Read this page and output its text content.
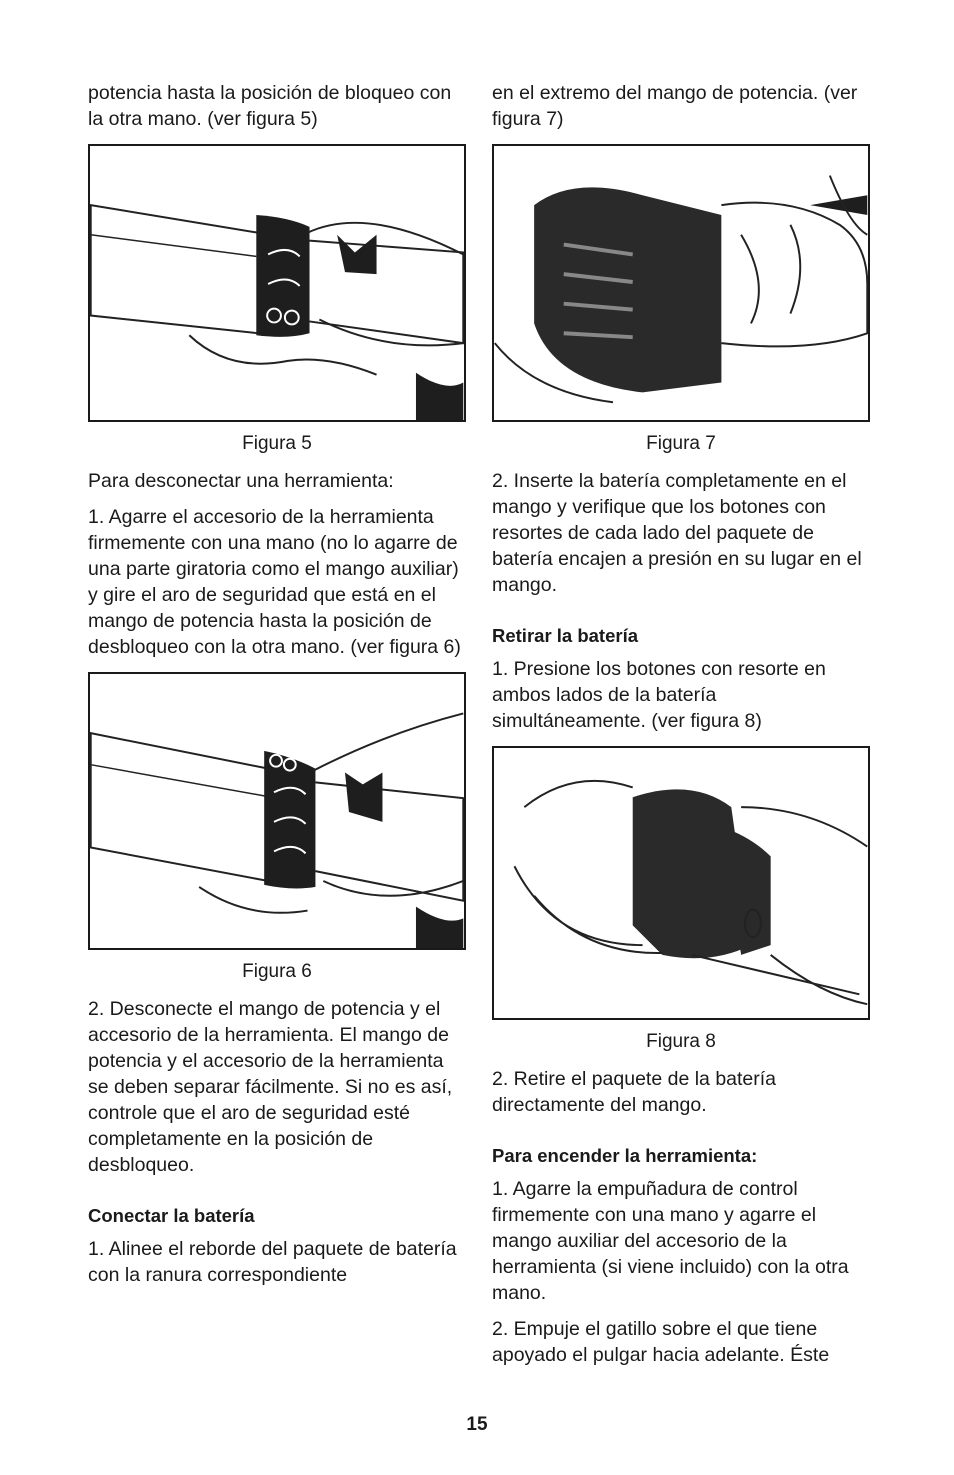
potencia hasta la posición de bloqueo con la otra mano. (ver figura 5)

Figura 5

Para desconectar una herramienta:

1. Agarre el accesorio de la herramienta firmemente con una mano (no lo agarre de una parte giratoria como el mango auxiliar) y gire el aro de seguridad que está en el mango de potencia hasta la posición de desbloqueo con la otra mano. (ver figura 6)

Figura 6

2. Desconecte el mango de potencia y el accesorio de la herramienta. El mango de potencia y el accesorio de la herramienta se deben separar fácilmente. Si no es así, controle que el aro de seguridad esté completamente en la posición de desbloqueo.

Conectar la batería

1. Alinee el reborde del paquete de batería con la ranura correspondiente

en el extremo del mango de potencia. (ver figura 7)

Figura 7

2. Inserte la batería completamente en el mango y verifique que los botones con resortes de cada lado del paquete de batería encajen a presión en su lugar en el mango.

Retirar la batería

1. Presione los botones con resorte en ambos lados de la batería simultáneamente. (ver figura 8)

Figura 8

2. Retire el paquete de la batería directamente del mango.

Para encender la herramienta:

1. Agarre la empuñadura de control firmemente con una mano y agarre el mango auxiliar del accesorio de la herramienta (si viene incluido) con la otra mano.

2. Empuje el gatillo sobre el que tiene apoyado el pulgar hacia adelante. Éste

15
